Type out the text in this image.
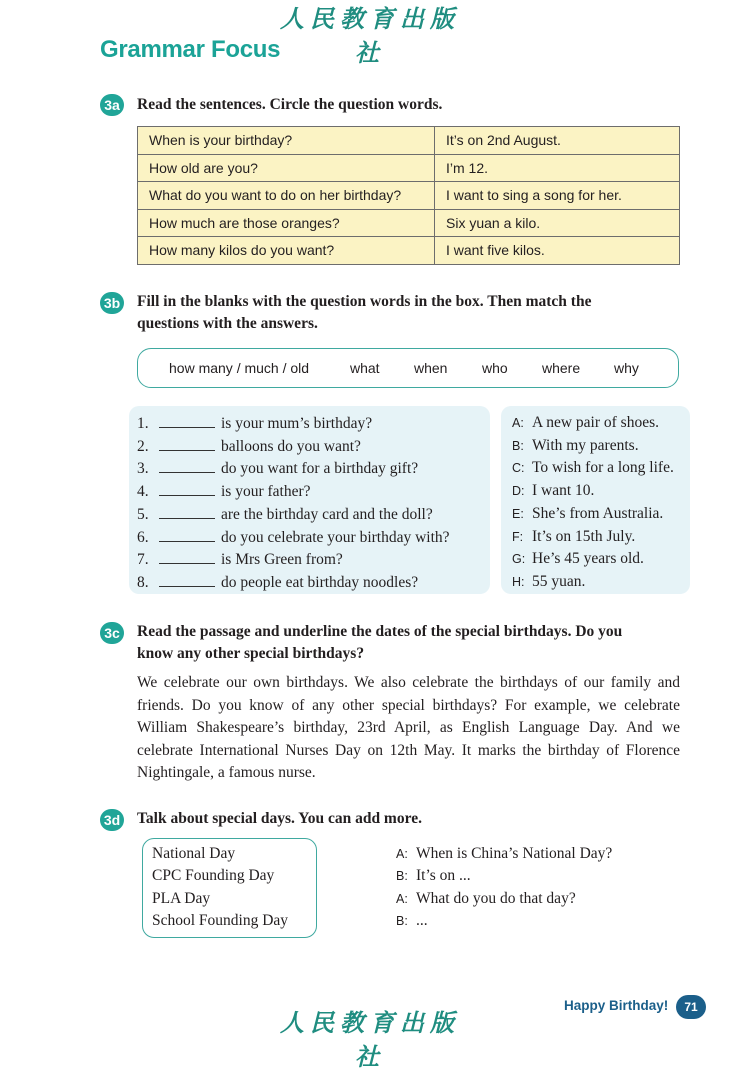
人民教育出版社
Grammar Focus
3a Read the sentences. Circle the question words.
When is your birthday?	It’s on 2nd August.
How old are you?	I’m 12.
What do you want to do on her birthday?	I want to sing a song for her.
How much are those oranges?	Six yuan a kilo.
How many kilos do you want?	I want five kilos.
3b Fill in the blanks with the question words in the box. Then match the
questions with the answers.
how many / much / old	what when who where why
1.	is your mum’s birthday?
2.	balloons do you want?
3.	do you want for a birthday gift?
4.	is your father?
5.	are the birthday card and the doll?
6.	do you celebrate your birthday with?
7.	is Mrs Green from?
8.	do people eat birthday noodles?
A: A new pair of shoes.
B: With my parents.
C: To wish for a long life.
D: I want 10.
E: She’s from Australia.
F: It’s on 15th July.
G: He’s 45 years old.
H: 55 yuan.
3c Read the passage and underline the dates of the special birthdays. Do you
know any other special birthdays?
We celebrate our own birthdays. We also celebrate the birthdays of our family and friends. Do you know of any other special birthdays? For example, we celebrate William Shakespeare’s birthday, 23rd April, as English Language Day. And we celebrate International Nurses Day on 12th May. It marks the birthday of Florence Nightingale, a famous nurse.
3d Talk about special days. You can add more.
National Day
CPC Founding Day
PLA Day
School Founding Day
A: When is China’s National Day?
B: It’s on ...
A: What do you do that day?
B: ...
Happy Birthday!	71
人民教育出版社
